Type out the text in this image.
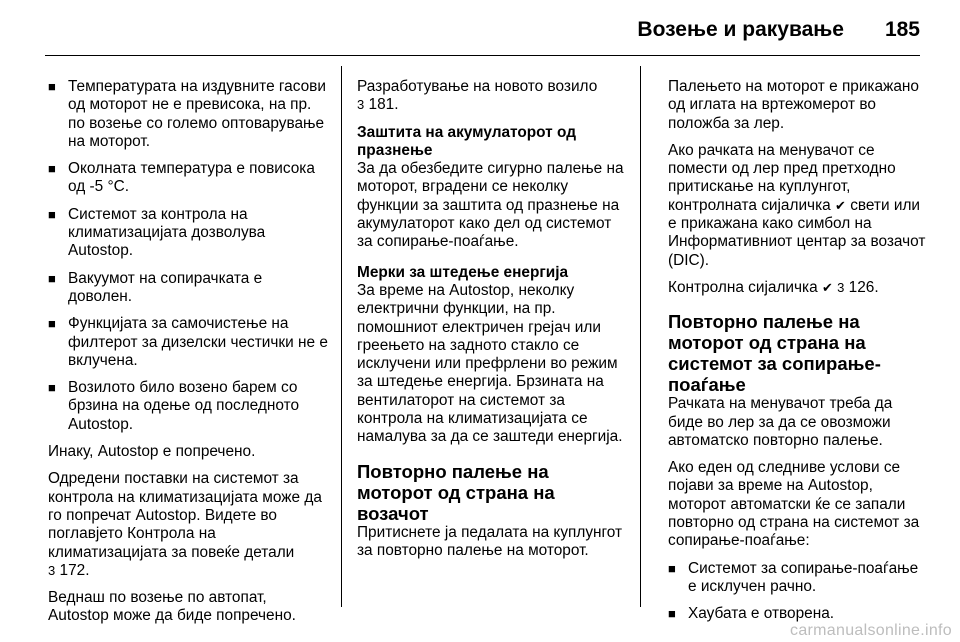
Возење и ракување 185
■ Температурата на издувните гасови од моторот не е превисока, на пр. по возење со големо оптоварување на моторот.
■ Околната температура е повисока од -5 °C.
■ Системот за контрола на климатизацијата дозволува Autostop.
■ Вакуумот на сопирачката е доволен.
■ Функцијата за самочистење на филтерот за дизелски честички не е вклучена.
■ Возилото било возено барем со брзина на одење од последното Autostop.

Инаку, Autostop е попречено.

Одредени поставки на системот за контрола на климатизацијата може да го попречат Autostop. Видете во поглавјето Контрола на климатизацијата за повеќе детали
3 172.

Веднаш по возење по автопат, Autostop може да биде попречено.

Разработување на новото возило
3 181.

Заштита на акумулаторот од празнење

За да обезбедите сигурно палење на моторот, вградени се неколку функции за заштита од празнење на акумулаторот како дел од системот за сопирање-поаѓање.

Мерки за штедење енергија

За време на Autostop, неколку електрични функции, на пр. помошниот електричен грејач или греењето на задното стакло се исклучени или префрлени во режим за штедење енергија. Брзината на вентилаторот на системот за контрола на климатизацијата се намалува за да се заштеди енергија.

Повторно палење на моторот од страна на возачот

Притиснете ја педалата на куплунгот за повторно палење на моторот.

Палењето на моторот е прикажано од иглата на вртежомерот во положба за лер.

Ако рачката на менувачот се помести од лер пред претходно притискање на куплунгот, контролната сијаличка ✔ свети или е прикажана како симбол на Информативниот центар за возачот (DIC).

Контролна сијаличка ✔ 3 126.

Повторно палење на моторот од страна на системот за сопирање-поаѓање

Рачката на менувачот треба да биде во лер за да се овозможи автоматско повторно палење.

Ако еден од следниве услови се појави за време на Autostop, моторот автоматски ќе се запали повторно од страна на системот за сопирање-поаѓање:

■ Системот за сопирање-поаѓање е исклучен рачно.
■ Хаубата е отворена.
carmanualsonline.info
